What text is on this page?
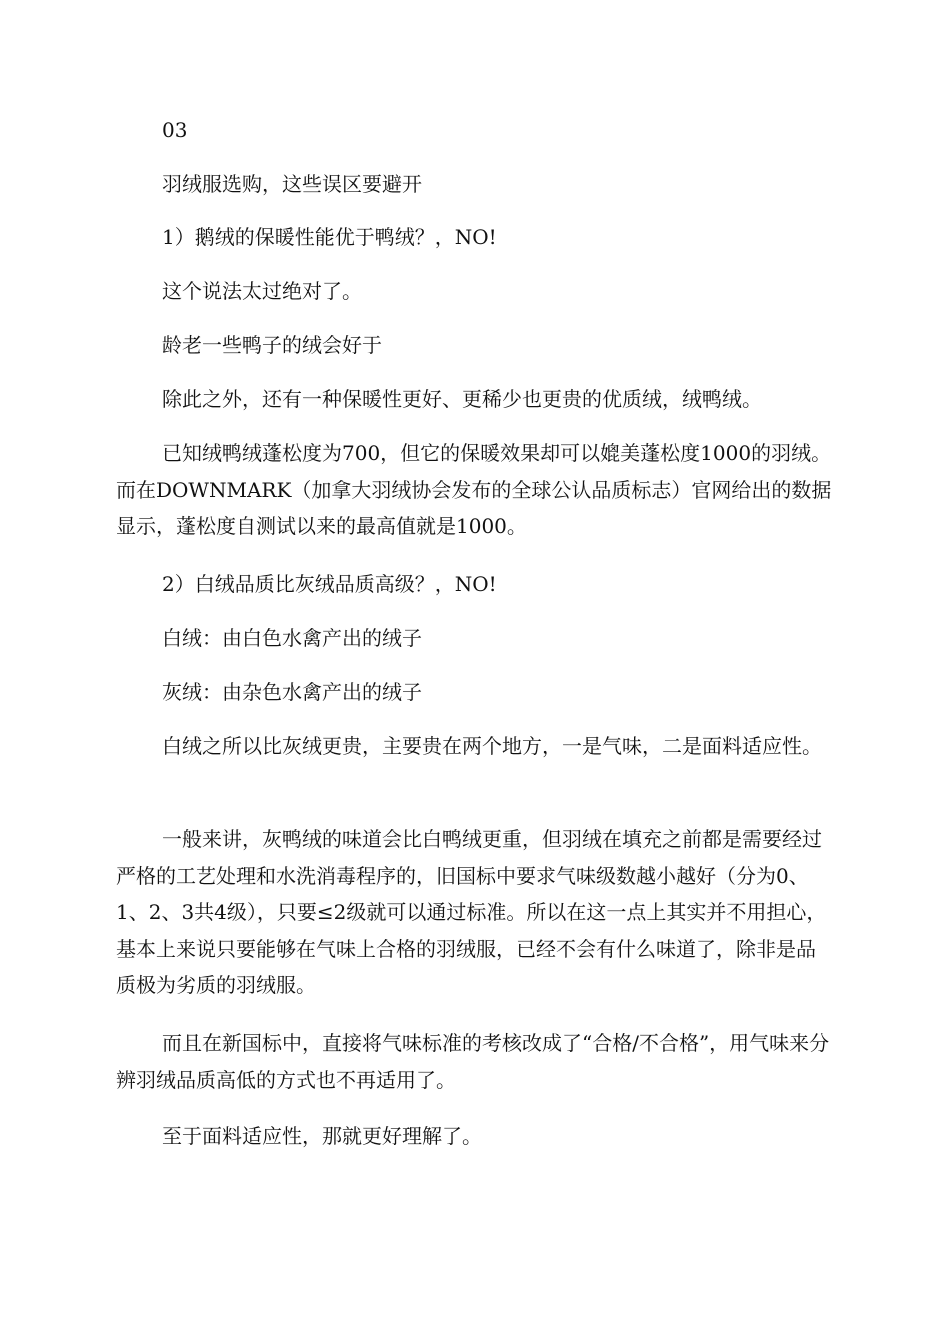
03

羽绒服选购，这些误区要避开

1）鹅绒的保暖性能优于鸭绒？，NO!

这个说法太过绝对了。

龄老一些鸭子的绒会好于

除此之外，还有一种保暖性更好、更稀少也更贵的优质绒，绒鸭绒。

已知绒鸭绒蓬松度为700，但它的保暖效果却可以媲美蓬松度1000的羽绒。而在DOWNMARK（加拿大羽绒协会发布的全球公认品质标志）官网给出的数据显示，蓬松度自测试以来的最高值就是1000。

2）白绒品质比灰绒品质高级？，NO!

白绒：由白色水禽产出的绒子

灰绒：由杂色水禽产出的绒子

白绒之所以比灰绒更贵，主要贵在两个地方，一是气味，二是面料适应性。

一般来讲，灰鸭绒的味道会比白鸭绒更重，但羽绒在填充之前都是需要经过严格的工艺处理和水洗消毒程序的，旧国标中要求气味级数越小越好（分为0、1、2、3共4级），只要≤2级就可以通过标准。所以在这一点上其实并不用担心，基本上来说只要能够在气味上合格的羽绒服，已经不会有什么味道了，除非是品质极为劣质的羽绒服。

而且在新国标中，直接将气味标准的考核改成了“合格/不合格”，用气味来分辨羽绒品质高低的方式也不再适用了。

至于面料适应性，那就更好理解了。
